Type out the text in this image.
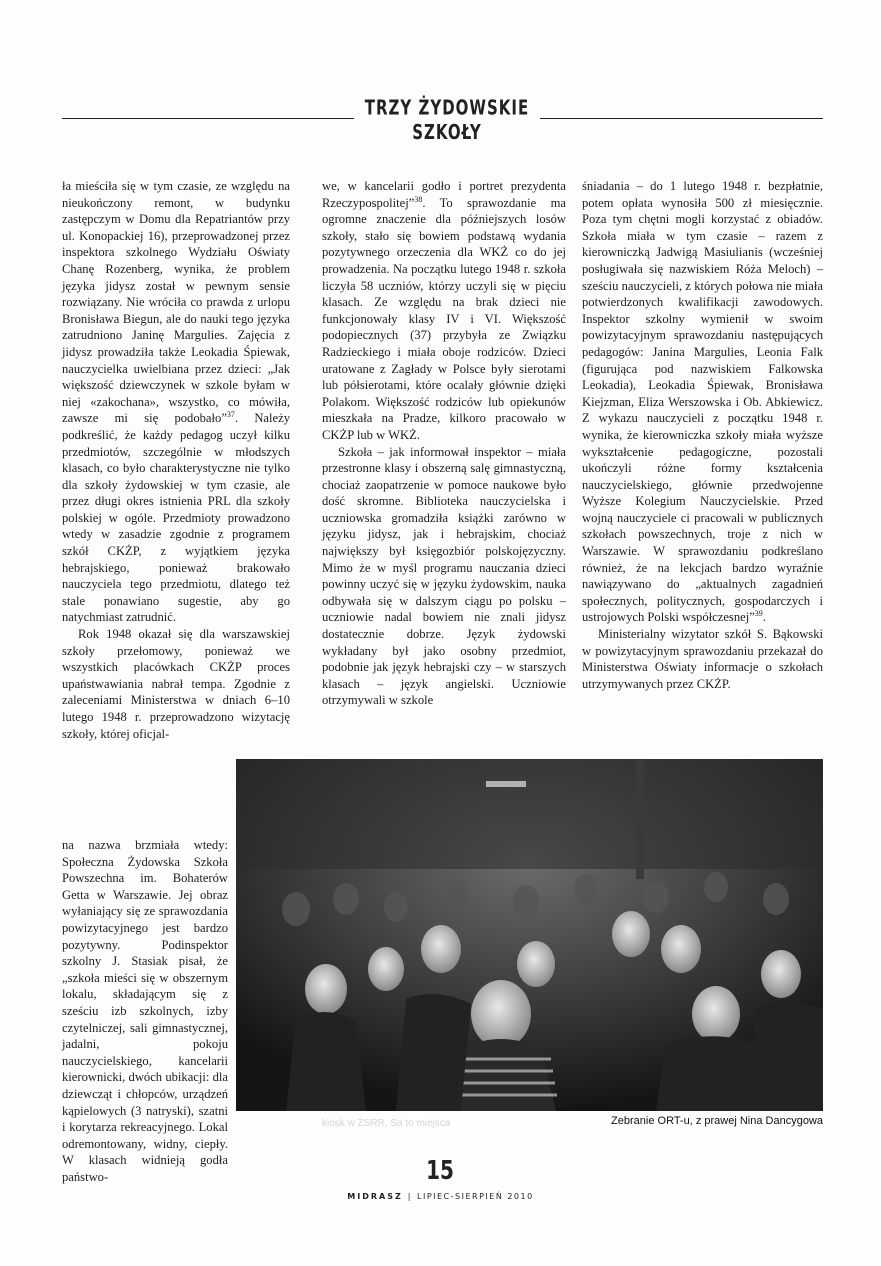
TRZY ŻYDOWSKIE SZKOŁY

ła mieściła się w tym czasie, ze względu na nieukończony remont, w budynku zastępczym w Domu dla Repatriantów przy ul. Konopackiej 16), przeprowadzonej przez inspektora szkolnego Wydziału Oświaty Chanę Rozenberg, wynika, że problem języka jidysz został w pewnym sensie rozwiązany. Nie wróciła co prawda z urlopu Bronisława Biegun, ale do nauki tego języka zatrudniono Janinę Margulies. Zajęcia z jidysz prowadziła także Leokadia Śpiewak, nauczycielka uwielbiana przez dzieci: „Jak większość dziewczynek w szkole byłam w niej «zakochana», wszystko, co mówiła, zawsze mi się podobało”$^{37}$. Należy podkreślić, że każdy pedagog uczył kilku przedmiotów, szczególnie w młodszych klasach, co było charakterystyczne nie tylko dla szkoły żydowskiej w tym czasie, ale przez długi okres istnienia PRL dla szkoły polskiej w ogóle. Przedmioty prowadzono wtedy w zasadzie zgodnie z programem szkół CKŻP, z wyjątkiem języka hebrajskiego, ponieważ brakowało nauczyciela tego przedmiotu, dlatego też stale ponawiano sugestie, aby go natychmiast zatrudnić.

Rok 1948 okazał się dla warszawskiej szkoły przełomowy, ponieważ we wszystkich placówkach CKŻP proces upaństwawiania nabrał tempa. Zgodnie z zaleceniami Ministerstwa w dniach 6–10 lutego 1948 r. przeprowadzono wizytację szkoły, której oficjal-

na nazwa brzmiała wtedy: Społeczna Żydowska Szkoła Powszechna im. Bohaterów Getta w Warszawie. Jej obraz wyłaniający się ze sprawozdania powizytacyjnego jest bardzo pozytywny. Podinspektor szkolny J. Stasiak pisał, że „szkoła mieści się w obszernym lokalu, składającym się z sześciu izb szkolnych, izby czytelniczej, sali gimnastycznej, jadalni, pokoju nauczycielskiego, kancelarii kierownicki, dwóch ubikacji: dla dziewcząt i chłopców, urządzeń kąpielowych (3 natryski), szatni i korytarza rekreacyjnego. Lokal odremontowany, widny, ciepły. W klasach widnieją godła państwo-

we, w kancelarii godło i portret prezydenta Rzeczypospolitej”$^{38}$. To sprawozdanie ma ogromne znaczenie dla późniejszych losów szkoły, stało się bowiem podstawą wydania pozytywnego orzeczenia dla WKŻ co do jej prowadzenia. Na początku lutego 1948 r. szkoła liczyła 58 uczniów, którzy uczyli się w pięciu klasach. Ze względu na brak dzieci nie funkcjonowały klasy IV i VI. Większość podopiecznych (37) przybyła ze Związku Radzieckiego i miała oboje rodziców. Dzieci uratowane z Zagłady w Polsce były sierotami lub półsierotami, które ocalały głównie dzięki Polakom. Większość rodziców lub opiekunów mieszkała na Pradze, kilkoro pracowało w CKŻP lub w WKŻ.

Szkoła – jak informował inspektor – miała przestronne klasy i obszerną salę gimnastyczną, chociaż zaopatrzenie w pomoce naukowe było dość skromne. Biblioteka nauczycielska i uczniowska gromadziła książki zarówno w języku jidysz, jak i hebrajskim, chociaż największy był księgozbiór polskojęzyczny. Mimo że w myśl programu nauczania dzieci powinny uczyć się w języku żydowskim, nauka odbywała się w dalszym ciągu po polsku – uczniowie nadal bowiem nie znali jidysz dostatecznie dobrze. Język żydowski wykładany był jako osobny przedmiot, podobnie jak język hebrajski czy – w starszych klasach – język angielski. Uczniowie otrzymywali w szkole

śniadania – do 1 lutego 1948 r. bezpłatnie, potem opłata wynosiła 500 zł miesięcznie. Poza tym chętni mogli korzystać z obiadów. Szkoła miała w tym czasie – razem z kierowniczką Jadwigą Masiulianis (wcześniej posługiwała się nazwiskiem Róża Meloch) – sześciu nauczycieli, z których połowa nie miała potwierdzonych kwalifikacji zawodowych. Inspektor szkolny wymienił w swoim powizytacyjnym sprawozdaniu następujących pedagogów: Janina Margulies, Leonia Falk (figurująca pod nazwiskiem Falkowska Leokadia), Leokadia Śpiewak, Bronisława Kiejzman, Eliza Werszowska i Ob. Abkiewicz. Z wykazu nauczycieli z początku 1948 r. wynika, że kierowniczka szkoły miała wyższe wykształcenie pedagogiczne, pozostali ukończyli różne formy kształcenia nauczycielskiego, głównie przedwojenne Wyższe Kolegium Nauczycielskie. Przed wojną nauczyciele ci pracowali w publicznych szkołach powszechnych, troje z nich w Warszawie. W sprawozdaniu podkreślano również, że na lekcjach bardzo wyraźnie nawiązywano do „aktualnych zagadnień społecznych, politycznych, gospodarczych i ustrojowych Polski współczesnej”$^{39}$.

Ministerialny wizytator szkół S. Bąkowski w powizytacyjnym sprawozdaniu przekazał do Ministerstwa Oświaty informacje o szkołach utrzymywanych przez CKŻP.

kiosk w ŻSRR, Sa to miejsca	Zebranie ORT-u, z prawej Nina Dancygowa
15
MIDRASZ | LIPIEC-SIERPIEŃ 2010
